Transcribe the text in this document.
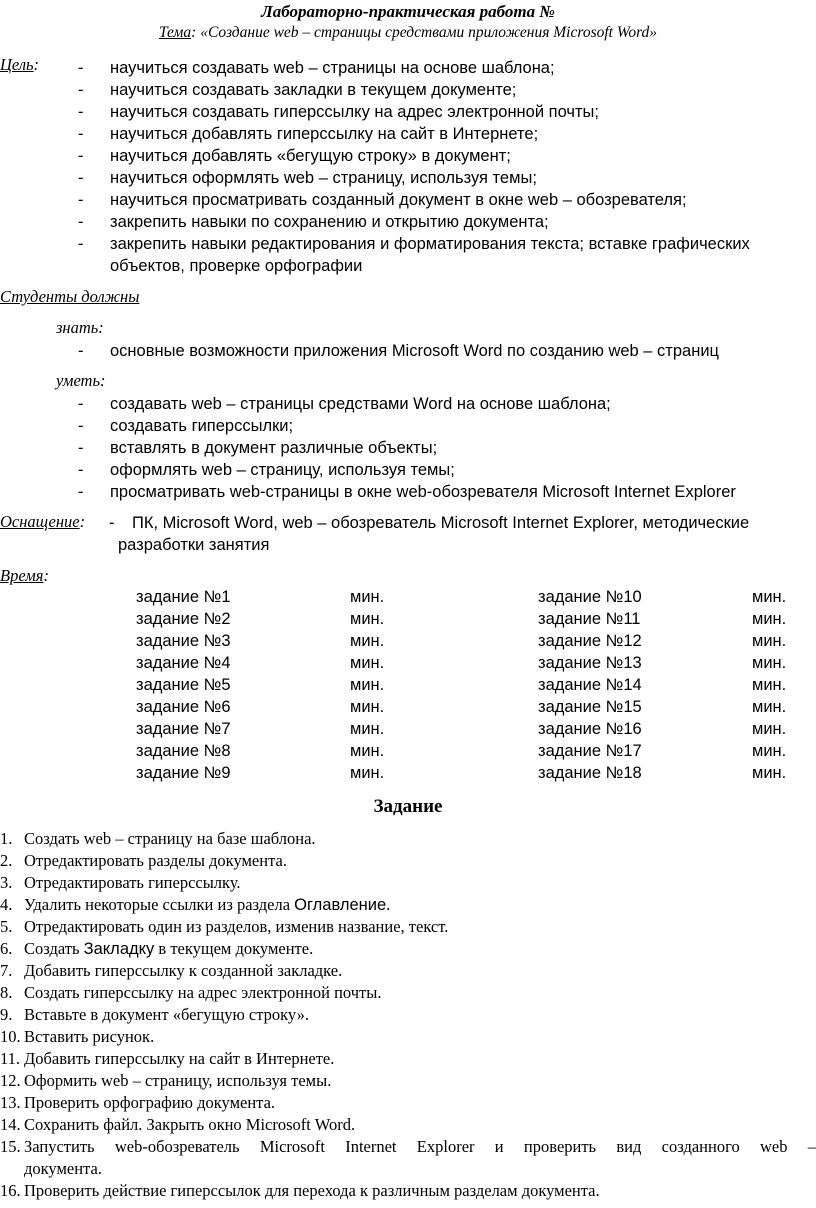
Лабораторно-практическая работа №
Тема: «Создание web – страницы средствами приложения Microsoft Word»
Цель: - научиться создавать web – страницы на основе шаблона;
- научиться создавать закладки в текущем документе;
- научиться создавать гиперссылку на адрес электронной почты;
- научиться добавлять гиперссылку на сайт в Интернете;
- научиться добавлять «бегущую строку» в документ;
- научиться оформлять web – страницу, используя темы;
- научиться просматривать созданный документ в окне web – обозревателя;
- закрепить навыки по сохранению и открытию документа;
- закрепить навыки редактирования и форматирования текста; вставке графических
объектов, проверке орфографии
Студенты должны
знать:
- основные возможности приложения Microsoft Word по созданию web – страниц
уметь:
- создавать web – страницы средствами Word на основе шаблона;
- создавать гиперссылки;
- вставлять в документ различные объекты;
- оформлять web – страницу, используя темы;
- просматривать web-страницы в окне web-обозревателя Microsoft Internet Explorer
Оснащение: - ПК, Microsoft Word, web – обозреватель Microsoft Internet Explorer, методические
разработки занятия
Время:
задание №1	мин.	задание №10	мин.
задание №2	мин.	задание №11	мин.
задание №3	мин.	задание №12	мин.
задание №4	мин.	задание №13	мин.
задание №5	мин.	задание №14	мин.
задание №6	мин.	задание №15	мин.
задание №7	мин.	задание №16	мин.
задание №8	мин.	задание №17	мин.
задание №9	мин.	задание №18	мин.
Задание
1. Создать web – страницу на базе шаблона.
2. Отредактировать разделы документа.
3. Отредактировать гиперссылку.
4. Удалить некоторые ссылки из раздела Оглавление.
5. Отредактировать один из разделов, изменив название, текст.
6. Создать Закладку в текущем документе.
7. Добавить гиперссылку к созданной закладке.
8. Создать гиперссылку на адрес электронной почты.
9. Вставьте в документ «бегущую строку».
10. Вставить рисунок.
11. Добавить гиперссылку на сайт в Интернете.
12. Оформить web – страницу, используя темы.
13. Проверить орфографию документа.
14. Сохранить файл. Закрыть окно Microsoft Word.
15. Запустить web-обозреватель Microsoft Internet Explorer и проверить вид созданного web –
документа.
16. Проверить действие гиперссылок для перехода к различным разделам документа.
